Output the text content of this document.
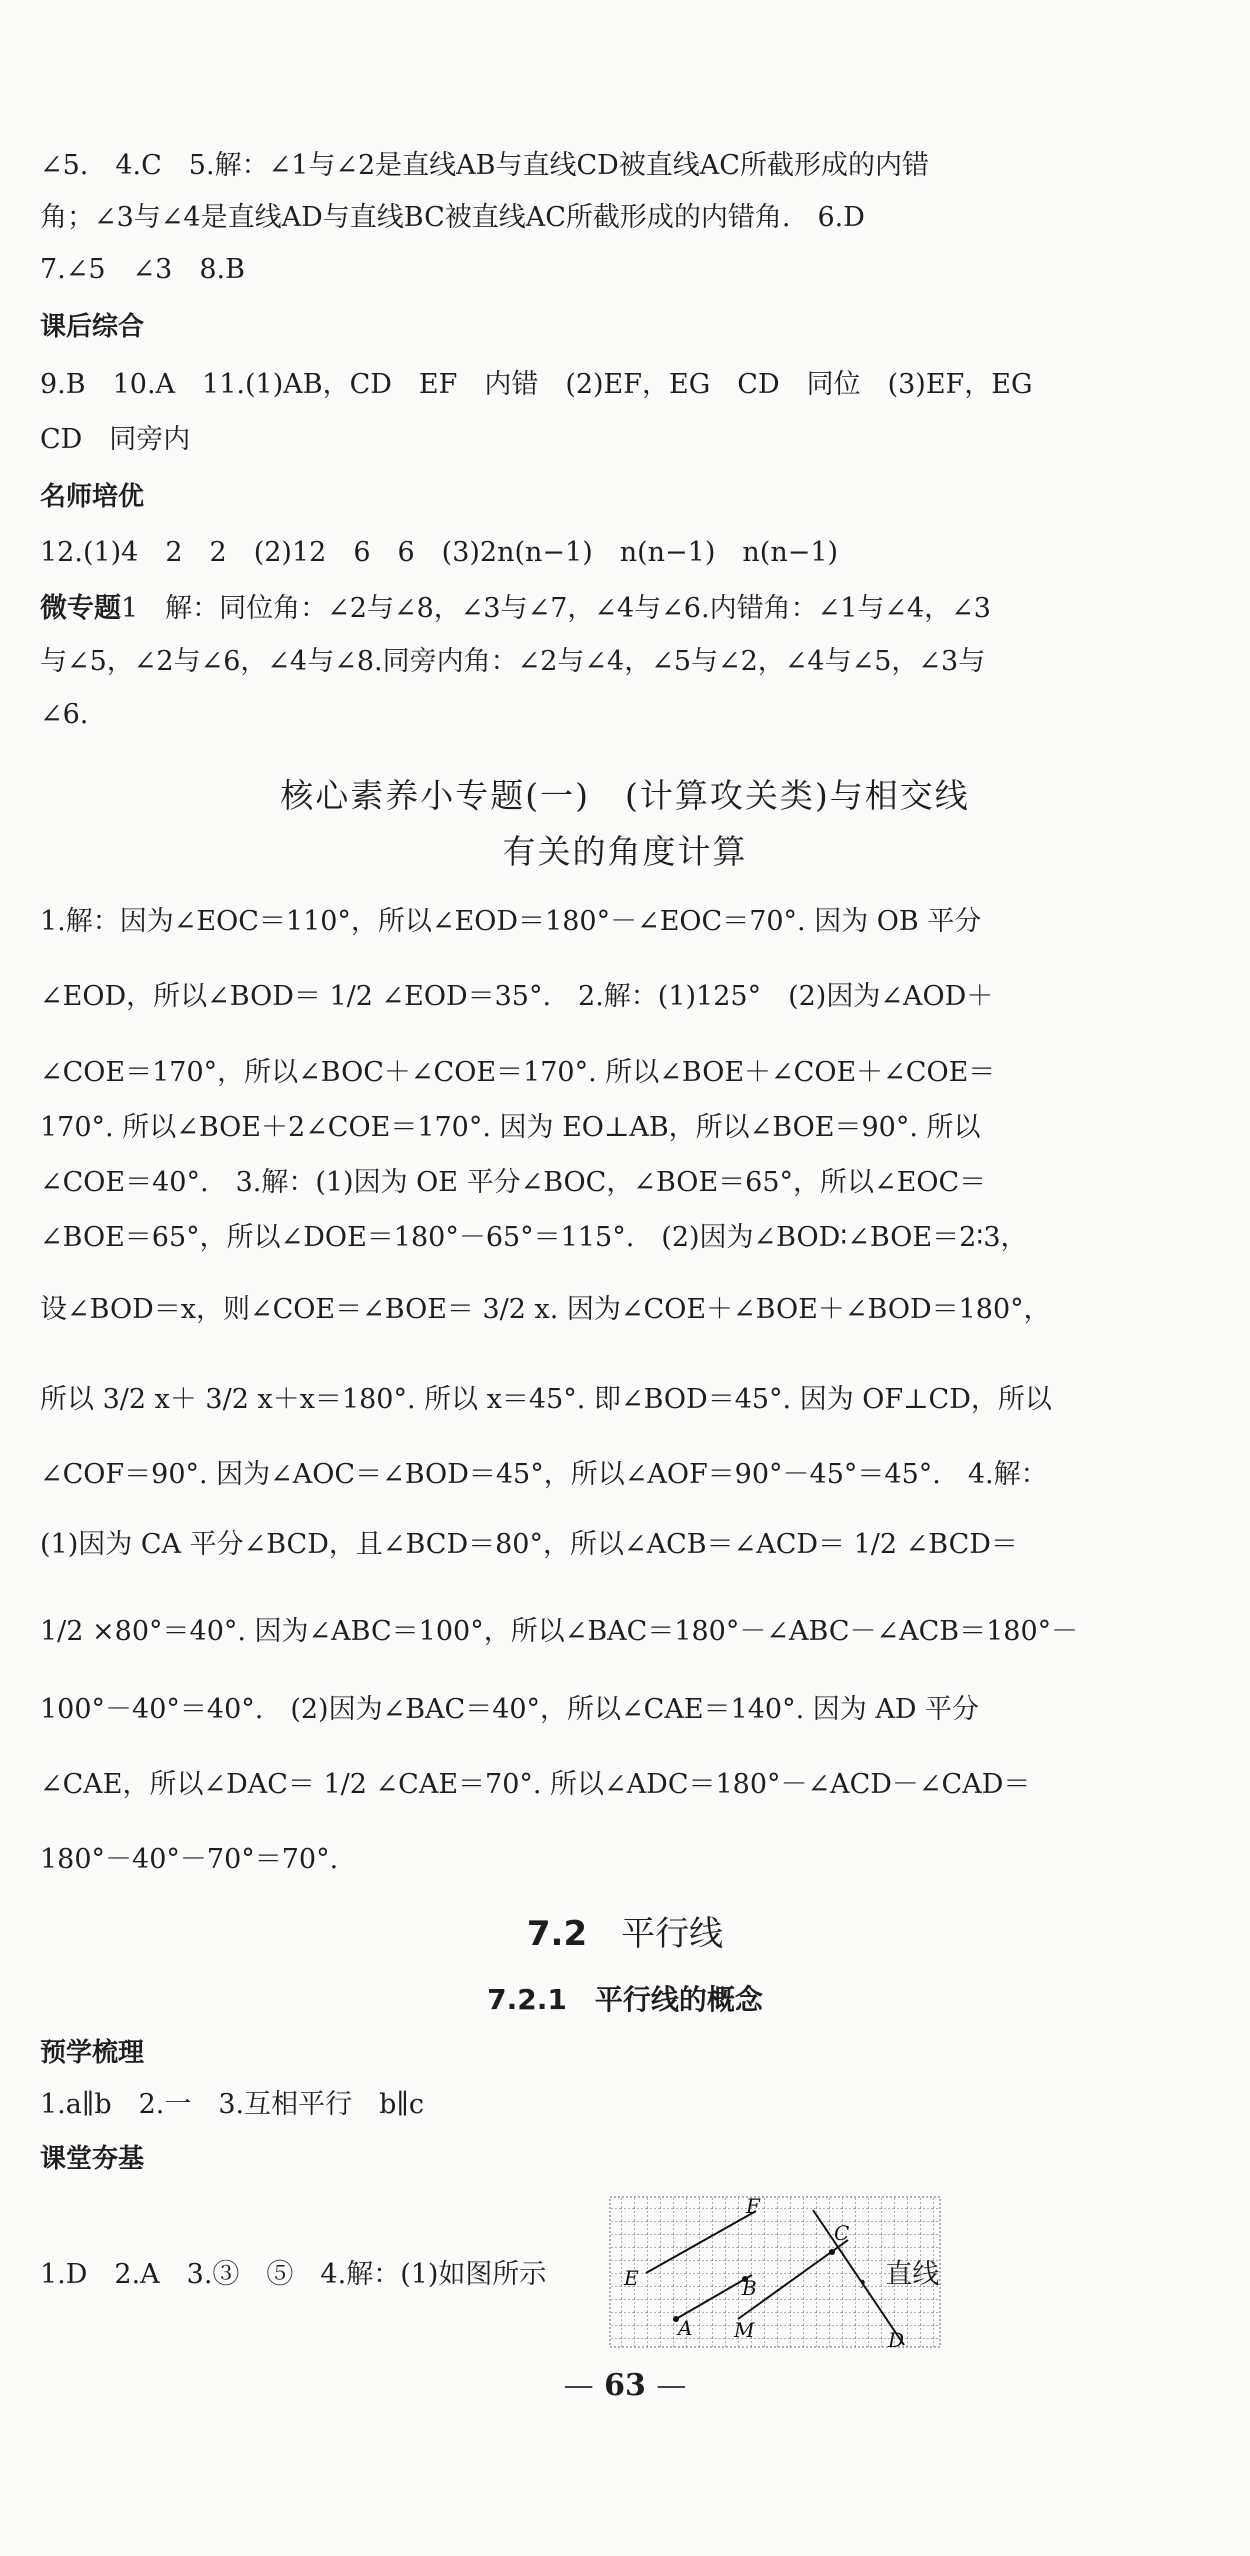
∠5.　4.C　5.解：∠1与∠2是直线AB与直线CD被直线AC所截形成的内错
角；∠3与∠4是直线AD与直线BC被直线AC所截形成的内错角.　6.D
7.∠5　∠3　8.B
课后综合
9.B　10.A　11.(1)AB，CD　EF　内错　(2)EF，EG　CD　同位　(3)EF，EG
CD　同旁内
名师培优
12.(1)4　2　2　(2)12　6　6　(3)2n(n−1)　n(n−1)　n(n−1)
微专题1　解：同位角：∠2与∠8，∠3与∠7，∠4与∠6.内错角：∠1与∠4，∠3
与∠5，∠2与∠6，∠4与∠8.同旁内角：∠2与∠4，∠5与∠2，∠4与∠5，∠3与
∠6.
核心素养小专题(一)　(计算攻关类)与相交线
有关的角度计算
1.解：因为∠EOC＝110°，所以∠EOD＝180°－∠EOC＝70°. 因为 OB 平分
∠EOD，所以∠BOD＝ 1/2 ∠EOD＝35°.　2.解：(1)125°　(2)因为∠AOD＋
∠COE＝170°，所以∠BOC＋∠COE＝170°. 所以∠BOE＋∠COE＋∠COE＝
170°. 所以∠BOE＋2∠COE＝170°. 因为 EO⊥AB，所以∠BOE＝90°. 所以
∠COE＝40°.　3.解：(1)因为 OE 平分∠BOC，∠BOE＝65°，所以∠EOC＝
∠BOE＝65°，所以∠DOE＝180°－65°＝115°.　(2)因为∠BOD∶∠BOE＝2∶3，
设∠BOD＝x，则∠COE＝∠BOE＝ 3/2 x. 因为∠COE＋∠BOE＋∠BOD＝180°，
所以 3/2 x＋ 3/2 x＋x＝180°. 所以 x＝45°. 即∠BOD＝45°. 因为 OF⊥CD，所以
∠COF＝90°. 因为∠AOC＝∠BOD＝45°，所以∠AOF＝90°－45°＝45°.　4.解：
(1)因为 CA 平分∠BCD，且∠BCD＝80°，所以∠ACB＝∠ACD＝ 1/2 ∠BCD＝
1/2 ×80°＝40°. 因为∠ABC＝100°，所以∠BAC＝180°－∠ABC－∠ACB＝180°－
100°－40°＝40°.　(2)因为∠BAC＝40°，所以∠CAE＝140°. 因为 AD 平分
∠CAE，所以∠DAC＝ 1/2 ∠CAE＝70°. 所以∠ADC＝180°－∠ACD－∠CAD＝
180°－40°－70°＝70°.
7.2　 平行线
7.2.1　 平行线的概念
预学梳理
1.a∥b　2.一　3.互相平行　b∥c
课堂夯基
1.D　2.A　3.③　⑤　4.解：(1)如图所示
F
C
E	B
A M	D
— 63 —
